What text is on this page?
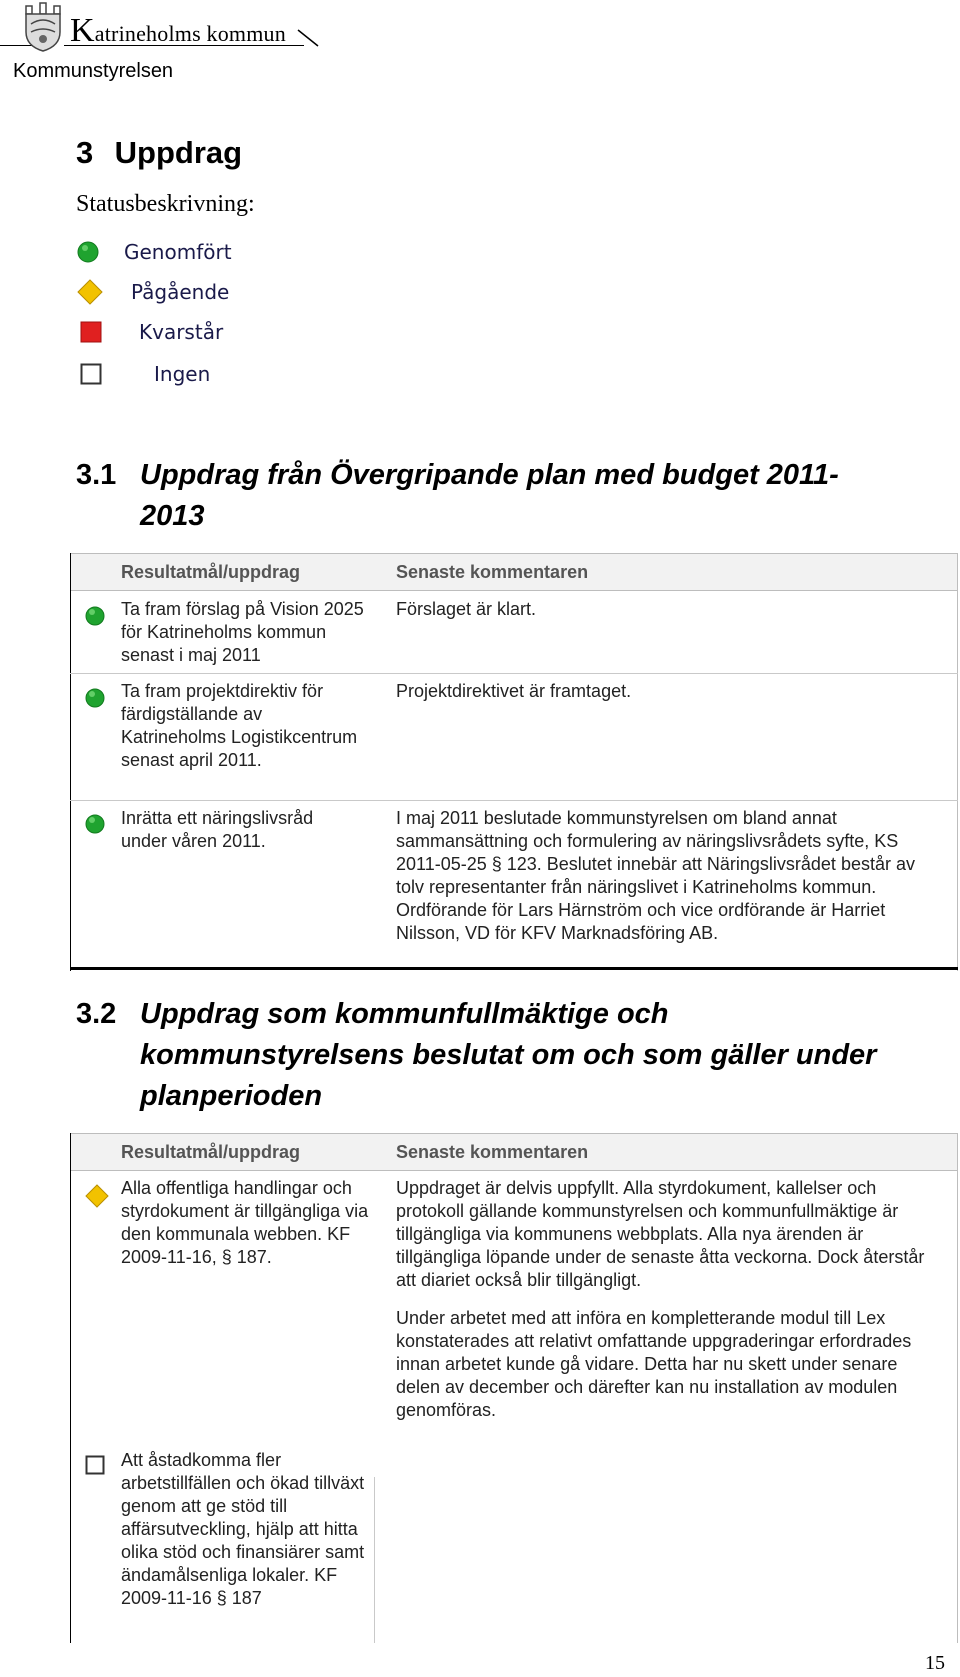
Katrineholms kommun
Kommunstyrelsen
3 Uppdrag
Statusbeskrivning:
Genomfört
Pågående
Kvarstår
Ingen
3.1 Uppdrag från Övergripande plan med budget 2011-
2013
Resultatmål/uppdrag	Senaste kommentaren
Ta fram förslag på Vision 2025 för Katrineholms kommun senast i maj 2011
Förslaget är klart.
Ta fram projektdirektiv för färdigställande av Katrineholms Logistikcentrum senast april 2011.
Projektdirektivet är framtaget.
Inrätta ett näringslivsråd under våren 2011.
I maj 2011 beslutade kommunstyrelsen om bland annat sammansättning och formulering av näringslivsrådets syfte, KS 2011-05-25 § 123. Beslutet innebär att Näringslivsrådet består av tolv representanter från näringslivet i Katrineholms kommun. Ordförande för Lars Härnström och vice ordförande är Harriet Nilsson, VD för KFV Marknadsföring AB.
3.2 Uppdrag som kommunfullmäktige och
kommunstyrelsens beslutat om och som gäller under
planperioden
Resultatmål/uppdrag	Senaste kommentaren
Alla offentliga handlingar och styrdokument är tillgängliga via den kommunala webben. KF 2009-11-16, § 187.
Uppdraget är delvis uppfyllt. Alla styrdokument, kallelser och protokoll gällande kommunstyrelsen och kommunfullmäktige är tillgängliga via kommunens webbplats. Alla nya ärenden är tillgängliga löpande under de senaste åtta veckorna. Dock återstår att diariet också blir tillgängligt.
Under arbetet med att införa en kompletterande modul till Lex konstaterades att relativt omfattande uppgraderingar erfordrades innan arbetet kunde gå vidare. Detta har nu skett under senare delen av december och därefter kan nu installation av modulen genomföras.
Att åstadkomma fler arbetstillfällen och ökad tillväxt genom att ge stöd till affärsutveckling, hjälp att hitta olika stöd och finansiärer samt ändamålsenliga lokaler. KF 2009-11-16 § 187
15
